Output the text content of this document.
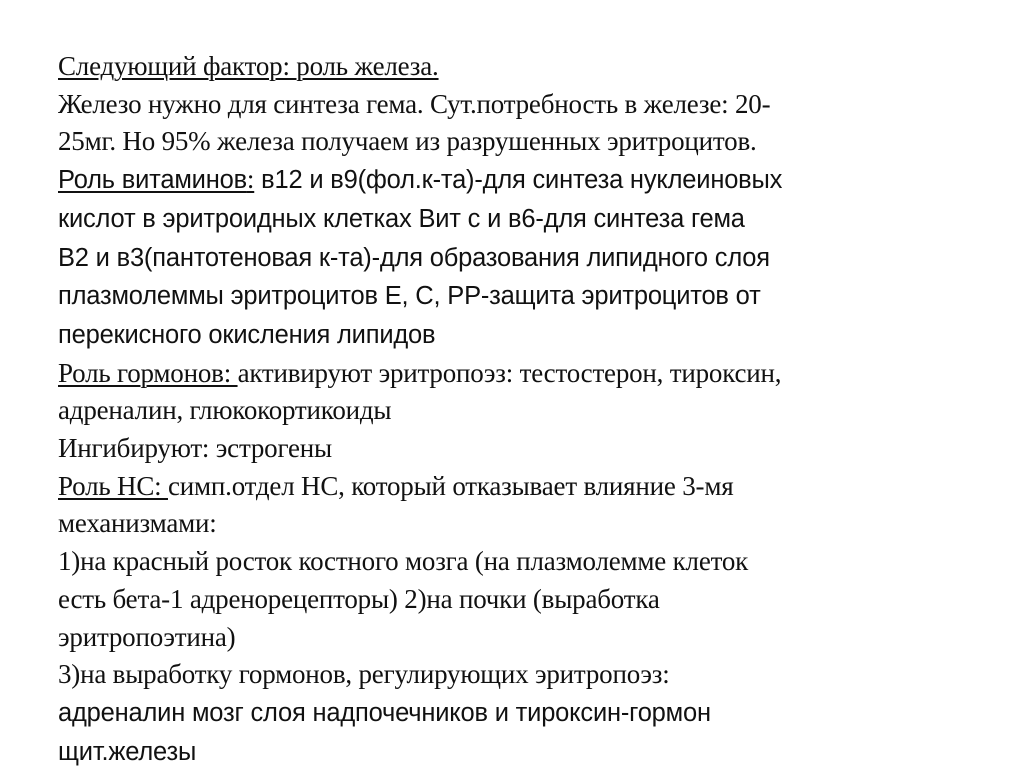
Следующий фактор: роль железа.
Железо нужно для синтеза гема. Сут.потребность в железе: 20-
25мг. Но 95% железа получаем из разрушенных эритроцитов.
Роль витаминов: в12 и в9(фол.к-та)-для синтеза нуклеиновых
кислот в эритроидных клетках Вит с и в6-для синтеза гема
В2 и в3(пантотеновая к-та)-для образования липидного слоя
плазмолеммы эритроцитов Е, С, РР-защита эритроцитов от
перекисного окисления липидов
Роль гормонов: активируют эритропоэз: тестостерон, тироксин,
адреналин, глюкокортикоиды
Ингибируют: эстрогены
Роль НС: симп.отдел НС, который отказывает влияние 3-мя
механизмами:
1)на красный росток костного мозга (на плазмолемме клеток
есть бета-1 адренорецепторы) 2)на почки (выработка
эритропоэтина)
3)на выработку гормонов, регулирующих эритропоэз:
адреналин мозг слоя надпочечников и тироксин-гормон
щит.железы
